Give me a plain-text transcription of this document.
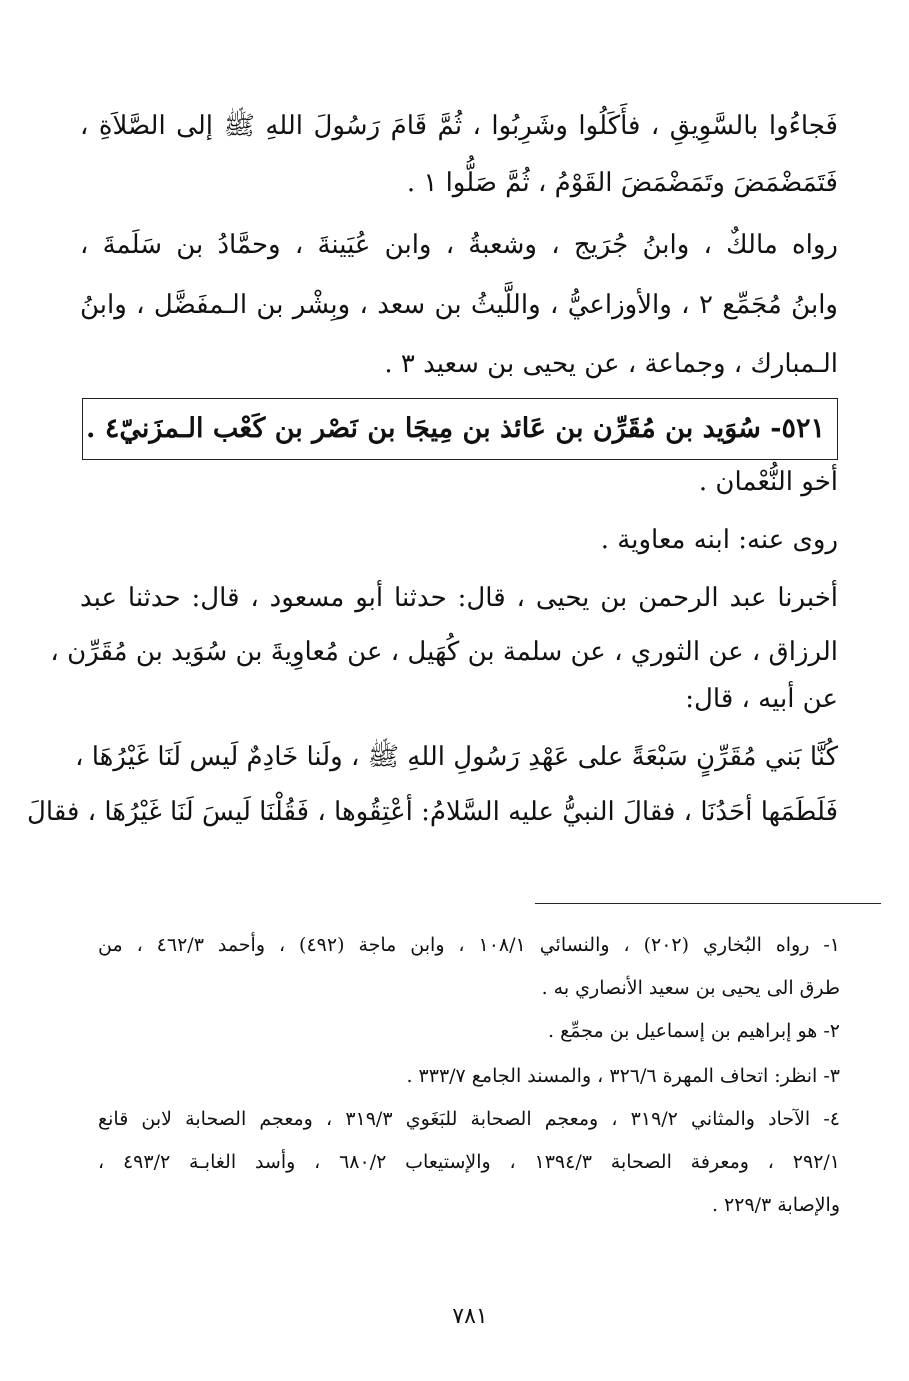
فَجاءُوا بالسَّوِيقِ ، فأَكَلُوا وشَرِبُوا ، ثُمَّ قَامَ رَسُولَ اللهِ ﷺ إلى الصَّلاَةِ ،
فَتَمَضْمَضَ وتَمَضْمَضَ القَوْمُ ، ثُمَّ صَلُّوا ١ .
رواه مالكٌ ، وابنُ جُرَيج ، وشعبةُ ، وابن عُيَينةَ ، وحمَّادُ بن سَلَمةَ ،
وابنُ مُجَمِّع ٢ ، والأوزاعيُّ ، واللَّيثُ بن سعد ، وبِشْر بن الـمفَضَّل ، وابنُ
الـمبارك ، وجماعة ، عن يحيى بن سعيد ٣ .
٥٢١- سُوَيد بن مُقَرِّن بن عَائذ بن مِيجَا بن نَصْر بن كَعْب الـمزَنيّ٤ .
أخو النُّعْمان .
روى عنه: ابنه معاوية .
أخبرنا عبد الرحمن بن يحيى ، قال: حدثنا أبو مسعود ، قال: حدثنا عبد
الرزاق ، عن الثوري ، عن سلمة بن كُهَيل ، عن مُعاوِيةَ بن سُوَيد بن مُقَرِّن ،
عن أبيه ، قال:
كُنَّا بَني مُقَرِّنٍ سَبْعَةً على عَهْدِ رَسُولِ اللهِ ﷺ ، ولَنا خَادِمٌ لَيس لَنَا غَيْرُهَا ،
فَلَطَمَها أحَدُنَا ، فقالَ النبيُّ عليه السَّلامُ: أعْتِقُوها ، فَقُلْنَا لَيسَ لَنَا غَيْرُهَا ، فقالَ
١- رواه البُخاري (٢٠٢) ، والنسائي ١٠٨/١ ، وابن ماجة (٤٩٢) ، وأحمد ٤٦٢/٣ ، من
طرق الى يحيى بن سعيد الأنصاري به .
٢- هو إبراهيم بن إسماعيل بن مجمِّع .
٣- انظر: اتحاف المهرة ٣٢٦/٦ ، والمسند الجامع ٣٣٣/٧ .
٤- الآحاد والمثاني ٣١٩/٢ ، ومعجم الصحابة للبَغَوي ٣١٩/٣ ، ومعجم الصحابة لابن قانع
٢٩٢/١ ، ومعرفة الصحابة ١٣٩٤/٣ ، والإستيعاب ٦٨٠/٢ ، وأسد الغابـة ٤٩٣/٢ ،
والإصابة ٢٢٩/٣ .
٧٨١
